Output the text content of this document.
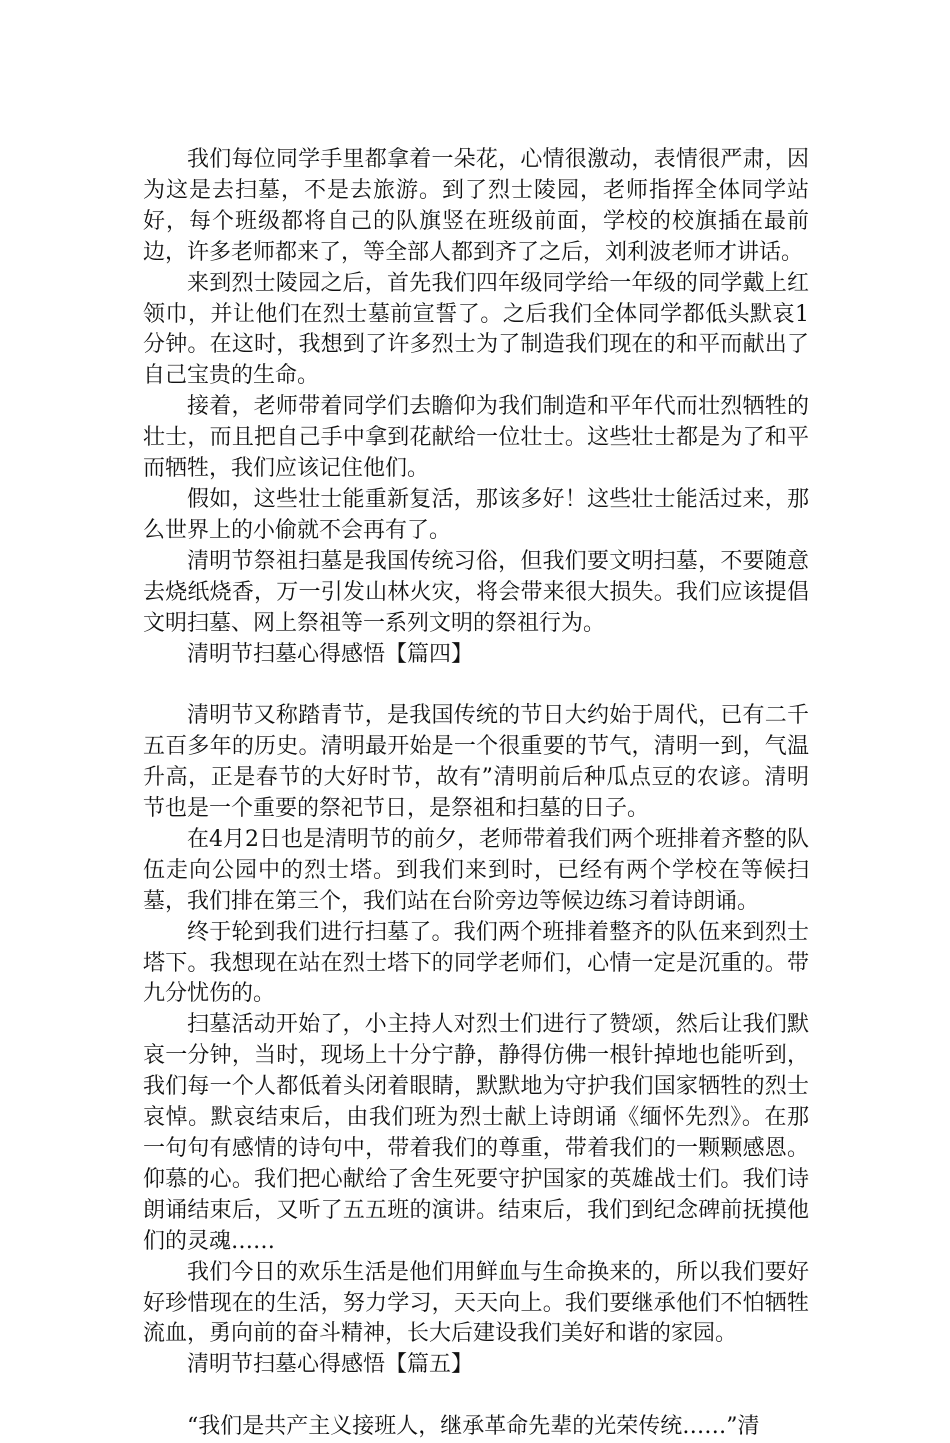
我们每位同学手里都拿着一朵花，心情很激动，表情很严肃，因为这是去扫墓，不是去旅游。到了烈士陵园，老师指挥全体同学站好，每个班级都将自己的队旗竖在班级前面，学校的校旗插在最前边，许多老师都来了，等全部人都到齐了之后，刘利波老师才讲话。

来到烈士陵园之后，首先我们四年级同学给一年级的同学戴上红领巾，并让他们在烈士墓前宣誓了。之后我们全体同学都低头默哀1分钟。在这时，我想到了许多烈士为了制造我们现在的和平而献出了自己宝贵的生命。

接着，老师带着同学们去瞻仰为我们制造和平年代而壮烈牺牲的壮士，而且把自己手中拿到花献给一位壮士。这些壮士都是为了和平而牺牲，我们应该记住他们。

假如，这些壮士能重新复活，那该多好！这些壮士能活过来，那么世界上的小偷就不会再有了。

清明节祭祖扫墓是我国传统习俗，但我们要文明扫墓，不要随意去烧纸烧香，万一引发山林火灾，将会带来很大损失。我们应该提倡文明扫墓、网上祭祖等一系列文明的祭祖行为。

清明节扫墓心得感悟【篇四】

清明节又称踏青节，是我国传统的节日大约始于周代，已有二千五百多年的历史。清明最开始是一个很重要的节气，清明一到，气温升高，正是春节的大好时节，故有”清明前后种瓜点豆的农谚。清明节也是一个重要的祭祀节日，是祭祖和扫墓的日子。

在4月2日也是清明节的前夕，老师带着我们两个班排着齐整的队伍走向公园中的烈士塔。到我们来到时，已经有两个学校在等候扫墓，我们排在第三个，我们站在台阶旁边等候边练习着诗朗诵。

终于轮到我们进行扫墓了。我们两个班排着整齐的队伍来到烈士塔下。我想现在站在烈士塔下的同学老师们，心情一定是沉重的。带九分忧伤的。

扫墓活动开始了，小主持人对烈士们进行了赞颂，然后让我们默哀一分钟，当时，现场上十分宁静，静得仿佛一根针掉地也能听到，我们每一个人都低着头闭着眼睛，默默地为守护我们国家牺牲的烈士哀悼。默哀结束后，由我们班为烈士献上诗朗诵《缅怀先烈》。在那一句句有感情的诗句中，带着我们的尊重，带着我们的一颗颗感恩。仰慕的心。我们把心献给了舍生死要守护国家的英雄战士们。我们诗朗诵结束后，又听了五五班的演讲。结束后，我们到纪念碑前抚摸他们的灵魂……

我们今日的欢乐生活是他们用鲜血与生命换来的，所以我们要好好珍惜现在的生活，努力学习，天天向上。我们要继承他们不怕牺牲流血，勇向前的奋斗精神，长大后建设我们美好和谐的家园。

清明节扫墓心得感悟【篇五】

“我们是共产主义接班人，继承革命先辈的光荣传统……”清
